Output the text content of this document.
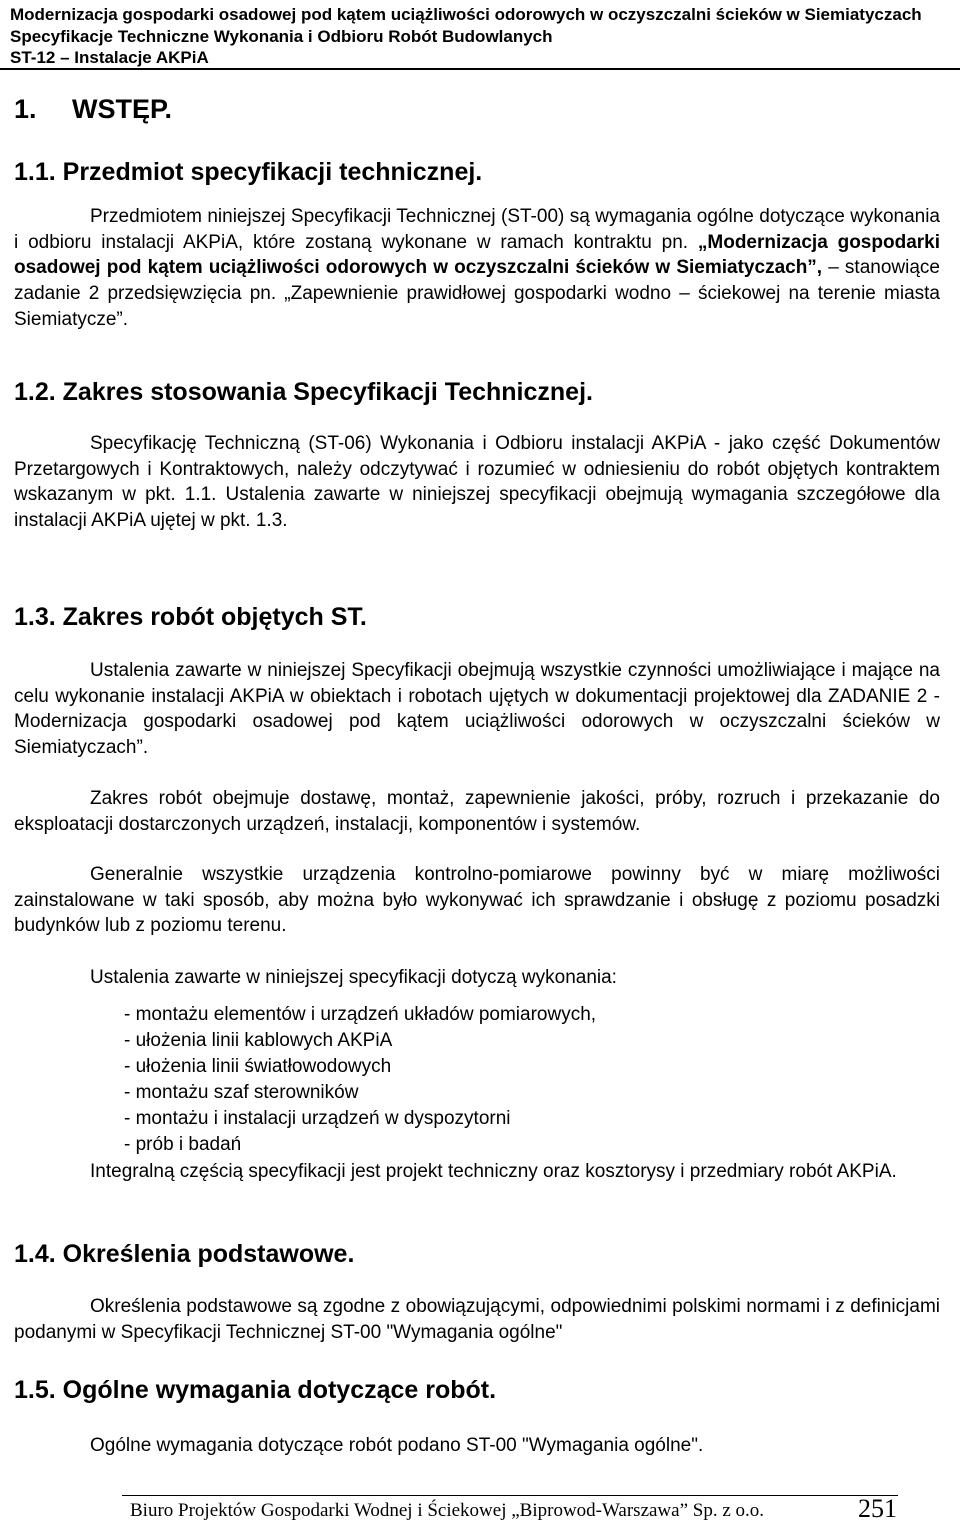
Modernizacja gospodarki osadowej pod kątem uciążliwości odorowych w oczyszczalni ścieków w Siemiatyczach
Specyfikacje Techniczne Wykonania i Odbioru Robót Budowlanych
ST-12 – Instalacje AKPiA
1. WSTĘP.
1.1. Przedmiot specyfikacji technicznej.
Przedmiotem niniejszej Specyfikacji Technicznej (ST-00) są wymagania ogólne dotyczące wykonania i odbioru instalacji AKPiA, które zostaną wykonane w ramach kontraktu pn. „Modernizacja gospodarki osadowej pod kątem uciążliwości odorowych w oczyszczalni ścieków w Siemiatyczach”, – stanowiące zadanie 2 przedsięwzięcia pn. „Zapewnienie prawidłowej gospodarki wodno – ściekowej na terenie miasta Siemiatycze”.
1.2. Zakres stosowania Specyfikacji Technicznej.
Specyfikację Techniczną (ST-06) Wykonania i Odbioru instalacji AKPiA - jako część Dokumentów Przetargowych i Kontraktowych, należy odczytywać i rozumieć w odniesieniu do robót objętych kontraktem wskazanym w pkt. 1.1. Ustalenia zawarte w niniejszej specyfikacji obejmują wymagania szczegółowe dla instalacji AKPiA ujętej w pkt. 1.3.
1.3. Zakres robót objętych ST.
Ustalenia zawarte w niniejszej Specyfikacji obejmują wszystkie czynności umożliwiające i mające na celu wykonanie instalacji AKPiA w obiektach i robotach ujętych w dokumentacji projektowej dla ZADANIE 2 - Modernizacja gospodarki osadowej pod kątem uciążliwości odorowych w oczyszczalni ścieków w Siemiatyczach”.
Zakres robót obejmuje dostawę, montaż, zapewnienie jakości, próby, rozruch i przekazanie do eksploatacji dostarczonych urządzeń, instalacji, komponentów i systemów.
Generalnie wszystkie urządzenia kontrolno-pomiarowe powinny być w miarę możliwości zainstalowane w taki sposób, aby można było wykonywać ich sprawdzanie i obsługę z poziomu posadzki budynków lub z poziomu terenu.
Ustalenia zawarte w niniejszej specyfikacji dotyczą wykonania:
- montażu elementów i urządzeń układów pomiarowych,
- ułożenia linii kablowych AKPiA
- ułożenia linii światłowodowych
- montażu szaf sterowników
- montażu i instalacji urządzeń w dyspozytorni
- prób i badań
Integralną częścią specyfikacji jest projekt techniczny oraz kosztorysy i przedmiary robót AKPiA.
1.4. Określenia podstawowe.
Określenia podstawowe są zgodne z obowiązującymi, odpowiednimi polskimi normami i z definicjami podanymi w Specyfikacji Technicznej ST-00 "Wymagania ogólne"
1.5. Ogólne wymagania dotyczące robót.
Ogólne wymagania dotyczące robót podano ST-00 "Wymagania ogólne".
Biuro Projektów Gospodarki Wodnej i Ściekowej „Biprowod-Warszawa” Sp. z o.o.	251
